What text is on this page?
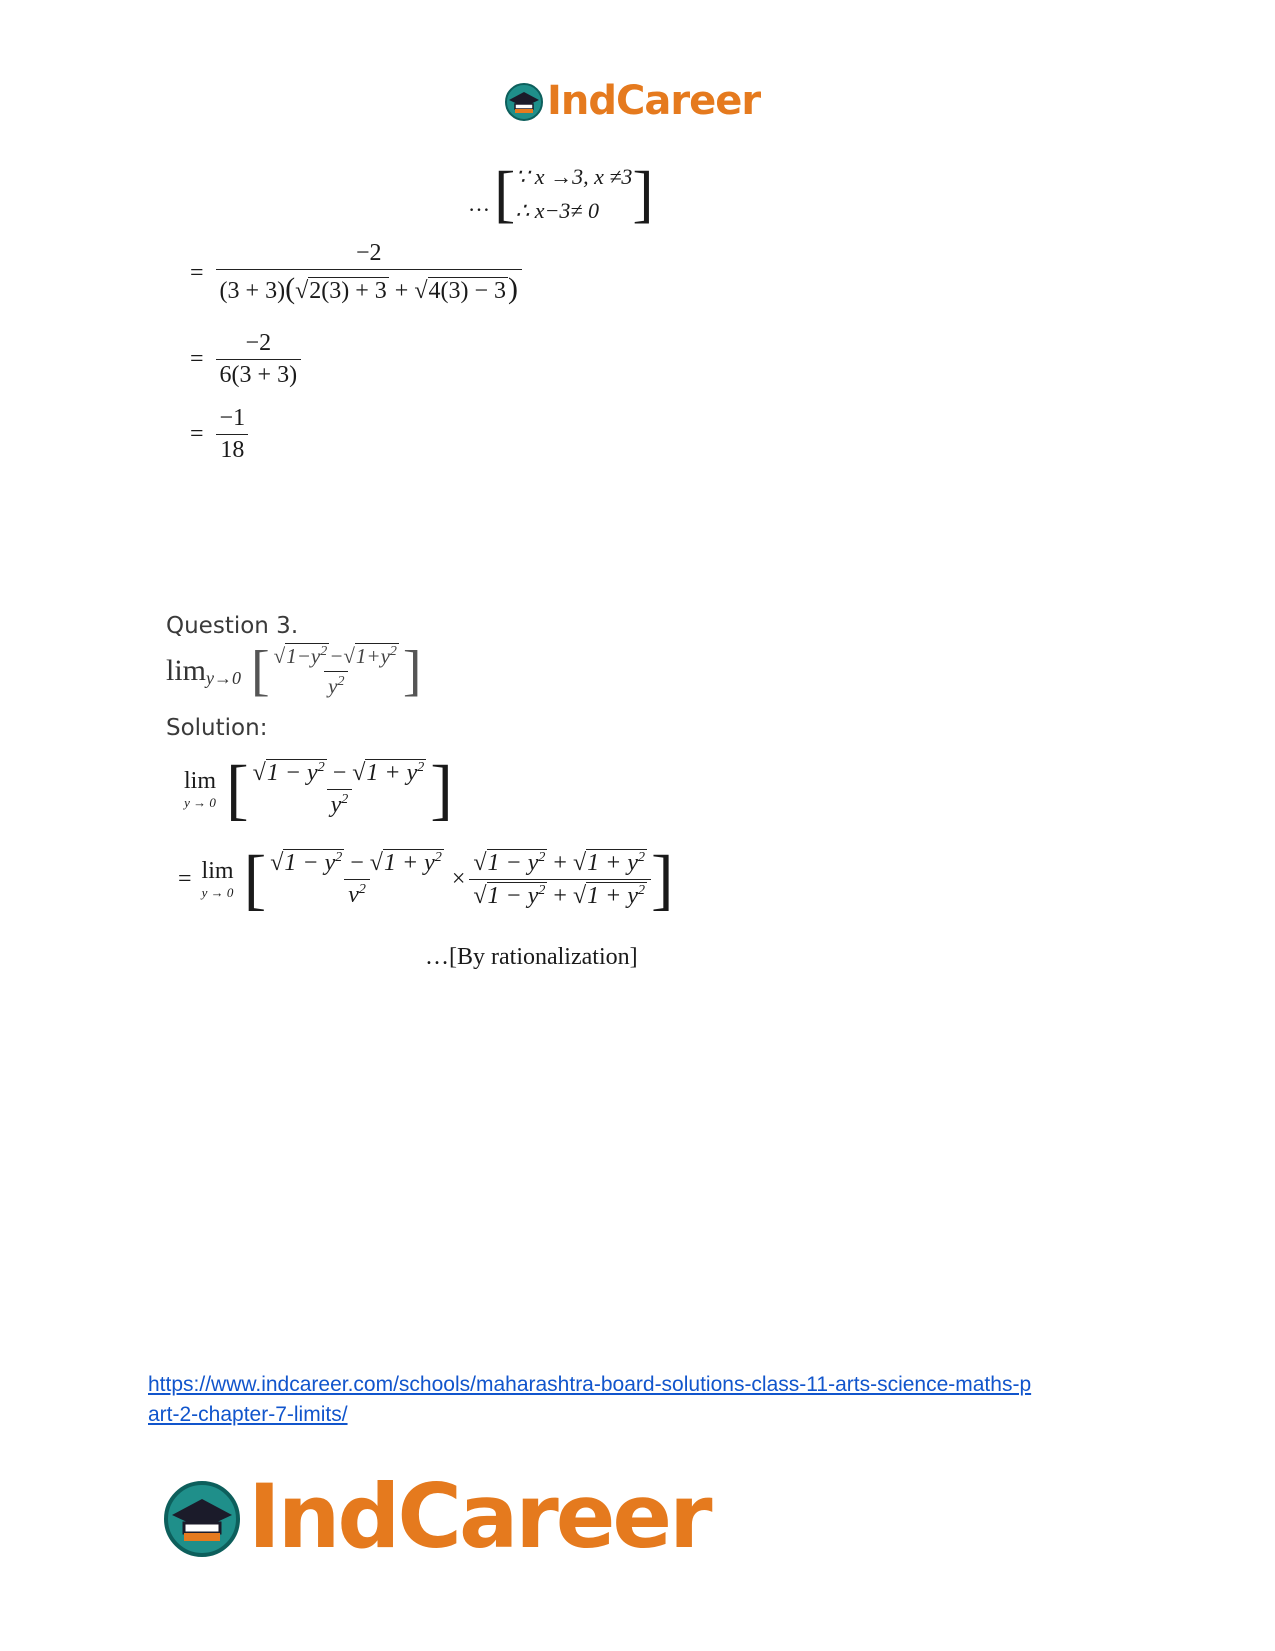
IndCareer
… [ ∵ x →3, x ≠3
∴ x−3≠ 0 ]
= $\frac{-2}{(3 + 3)(√2(3) + 3 + √4(3) - 3)}$
= $\frac{-2}{6(3 + 3)}$
= $\frac{-1}{18}$
Question 3.
lim y→0 [ $\frac{√1-y^2-√1+y^2}{y^2}$ ]
Solution:
lim
y → 0 [ $\frac{√1 - y^2 - √1 + y^2}{y^2}$ ]
= lim
y → 0 [ $\frac{√1 - y^2 - √1 + y^2}{v^2} \times \frac{√1 - y^2 + √1 + y^2}{√1 - y^2 + √1 + y^2}$ ]
…[By rationalization]
https://www.indcareer.com/schools/maharashtra-board-solutions-class-11-arts-science-maths-p
art-2-chapter-7-limits/
IndCareer
